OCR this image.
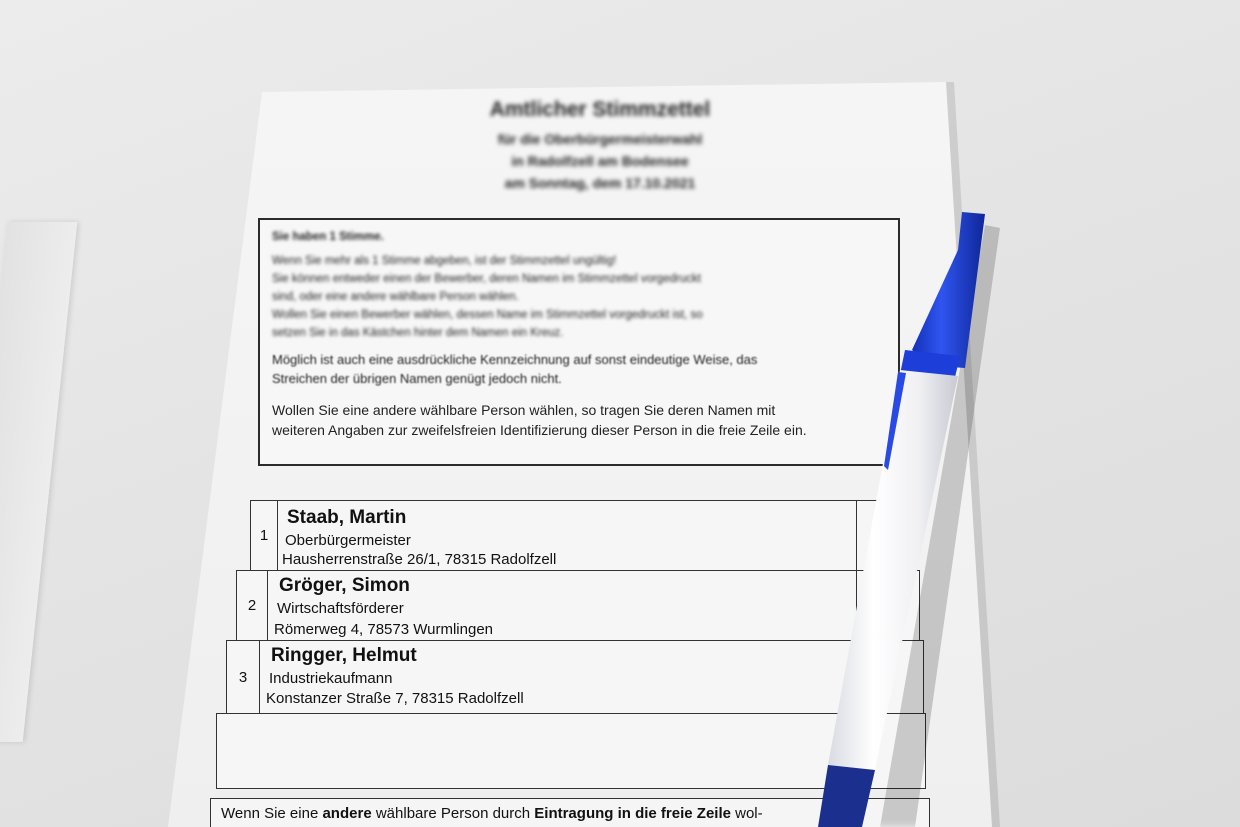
Amtlicher Stimmzettel
für die Oberbürgermeisterwahl
in Radolfzell am Bodensee
am Sonntag, dem 17.10.2021
Sie haben 1 Stimme.
Wenn Sie mehr als 1 Stimme abgeben, ist der Stimmzettel ungültig!
Sie können entweder einen der Bewerber, deren Namen im Stimmzettel vorgedruckt
sind, oder eine andere wählbare Person wählen.
Wollen Sie einen Bewerber wählen, dessen Name im Stimmzettel vorgedruckt ist, so
setzen Sie in das Kästchen hinter dem Namen ein Kreuz.
Möglich ist auch eine ausdrückliche Kennzeichnung auf sonst eindeutige Weise, das
Streichen der übrigen Namen genügt jedoch nicht.
Wollen Sie eine andere wählbare Person wählen, so tragen Sie deren Namen mit
weiteren Angaben zur zweifelsfreien Identifizierung dieser Person in die freie Zeile ein.
1
Staab, Martin
Oberbürgermeister
Hausherrenstraße 26/1, 78315 Radolfzell
2
Gröger, Simon
Wirtschaftsförderer
Römerweg 4, 78573 Wurmlingen
3
Ringger, Helmut
Industriekaufmann
Konstanzer Straße 7, 78315 Radolfzell
Wenn Sie eine andere wählbare Person durch Eintragung in die freie Zeile wol-
